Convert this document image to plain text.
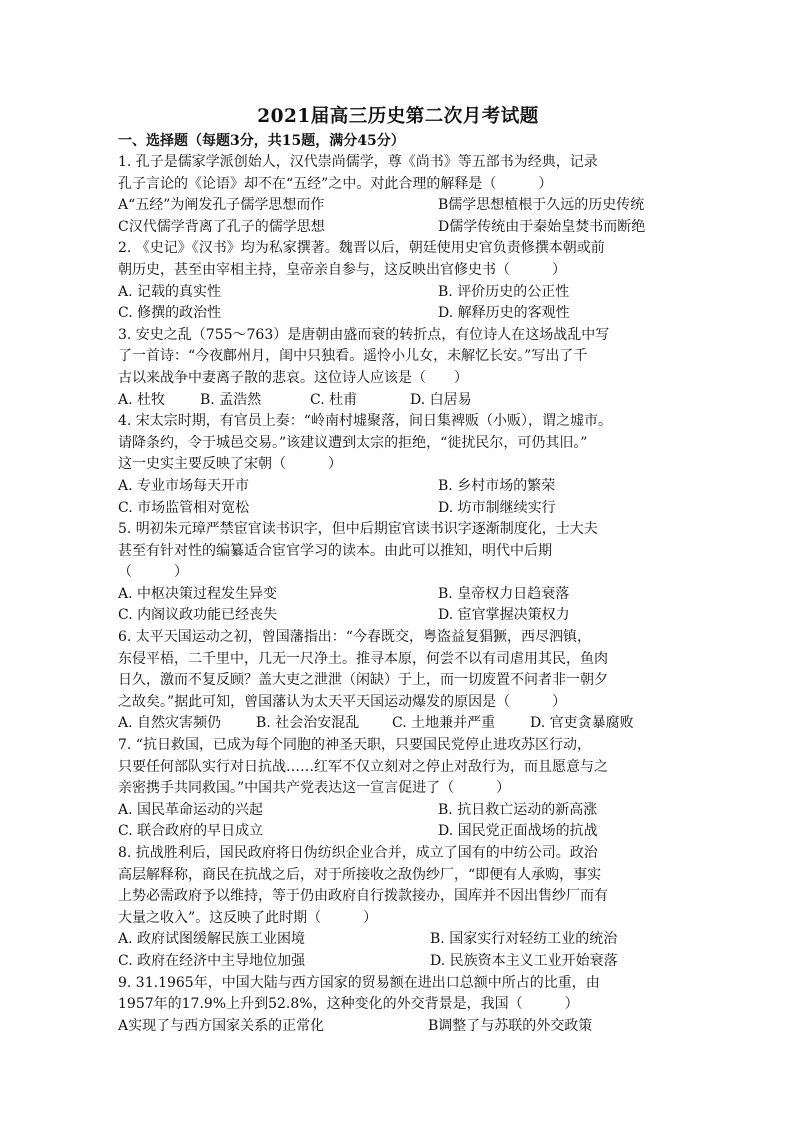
2021届高三历史第二次月考试题
一、选择题（每题3分，共15题，满分45分）
1. 孔子是儒家学派创始人，汉代崇尚儒学，尊《尚书》等五部书为经典，记录
孔子言论的《论语》却不在“五经”之中。对此合理的解释是（　　　）
A“五经”为阐发孔子儒学思想而作	B儒学思想植根于久远的历史传统
C汉代儒学背离了孔子的儒学思想	D儒学传统由于秦始皇焚书而断绝
2. 《史记》《汉书》均为私家撰著。魏晋以后，朝廷使用史官负责修撰本朝或前
朝历史，甚至由宰相主持，皇帝亲自参与，这反映出官修史书（　　　）
A. 记载的真实性	B. 评价历史的公正性
C. 修撰的政治性	D. 解释历史的客观性
3. 安史之乱（755～763）是唐朝由盛而衰的转折点，有位诗人在这场战乱中写
了一首诗：“今夜鄜州月，闺中只独看。遥怜小儿女，未解忆长安。”写出了千
古以来战争中妻离子散的悲哀。这位诗人应该是（　　）
A. 杜牧	B. 孟浩然	C. 杜甫	D. 白居易
4. 宋太宗时期，有官员上奏：“岭南村墟聚落，间日集裨贩（小贩），谓之墟市。
请降条约，令于城邑交易。”该建议遭到太宗的拒绝，“徙扰民尔，可仍其旧。”
这一史实主要反映了宋朝（　　　）
A. 专业市场每天开市	B. 乡村市场的繁荣
C. 市场监管相对宽松	D. 坊市制继续实行
5. 明初朱元璋严禁宦官读书识字，但中后期宦官读书识字逐渐制度化，士大夫
甚至有针对性的编纂适合宦官学习的读本。由此可以推知，明代中后期
（　　　）
A. 中枢决策过程发生异变	B. 皇帝权力日趋衰落
C. 内阁议政功能已经丧失	D. 宦官掌握决策权力
6. 太平天国运动之初，曾国藩指出：“今春既交，粤盗益复猖獗，西尽泗镇，
东侵平梧，二千里中，几无一尺净土。推寻本原，何尝不以有司虐用其民，鱼肉
日久，激而不复反顾？盖大吏之泄泄（闲缺）于上，而一切废置不问者非一朝夕
之故矣。”据此可知，曾国藩认为太天平天国运动爆发的原因是（　　　）
A. 自然灾害频仍	B. 社会治安混乱	C. 土地兼并严重	D. 官吏贪暴腐败
7. “抗日救国，已成为每个同胞的神圣天职，只要国民党停止进攻苏区行动，
只要任何部队实行对日抗战……红军不仅立刻对之停止对敌行为，而且愿意与之
亲密携手共同救国。”中国共产党表达这一宣言促进了（　　　）
A. 国民革命运动的兴起	B. 抗日救亡运动的新高涨
C. 联合政府的早日成立	D. 国民党正面战场的抗战
8. 抗战胜利后，国民政府将日伪纺织企业合并，成立了国有的中纺公司。政治
高层解释称，商民在抗战之后，对于所接收之敌伪纱厂，“即便有人承购，事实
上势必需政府予以维持，等于仍由政府自行拨款接办，国库并不因出售纱厂而有
大量之收入”。这反映了此时期（　　　）
A. 政府试图缓解民族工业困境	B. 国家实行对轻纺工业的统治
C. 政府在经济中主导地位加强	D. 民族资本主义工业开始衰落
9. 31.1965年，中国大陆与西方国家的贸易额在进出口总额中所占的比重，由
1957年的17.9%上升到52.8%，这种变化的外交背景是，我国（　　　）
A实现了与西方国家关系的正常化	B调整了与苏联的外交政策
